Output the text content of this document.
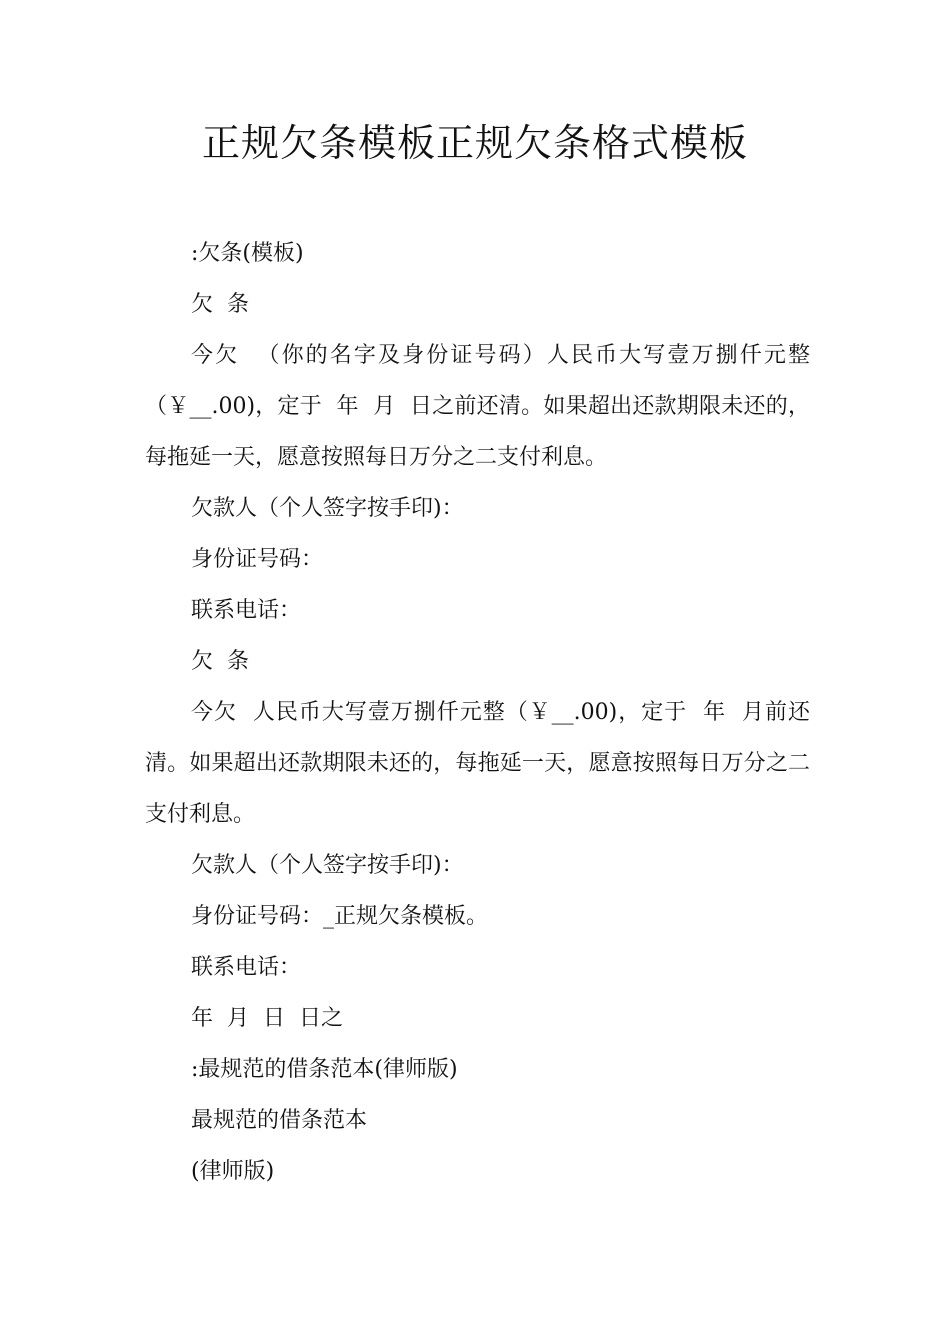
正规欠条模板正规欠条格式模板

:欠条(模板)

欠  条

今欠  （你的名字及身份证号码）人民币大写壹万捌仟元整（￥__.00)，定于  年  月  日之前还清。如果超出还款期限未还的，每拖延一天，愿意按照每日万分之二支付利息。

欠款人（个人签字按手印)：

身份证号码：

联系电话：

欠  条

今欠  人民币大写壹万捌仟元整（￥__.00)，定于  年  月前还清。如果超出还款期限未还的，每拖延一天，愿意按照每日万分之二支付利息。

欠款人（个人签字按手印)：

身份证号码：_正规欠条模板。

联系电话：

年  月  日  日之

:最规范的借条范本(律师版)

最规范的借条范本

(律师版)
